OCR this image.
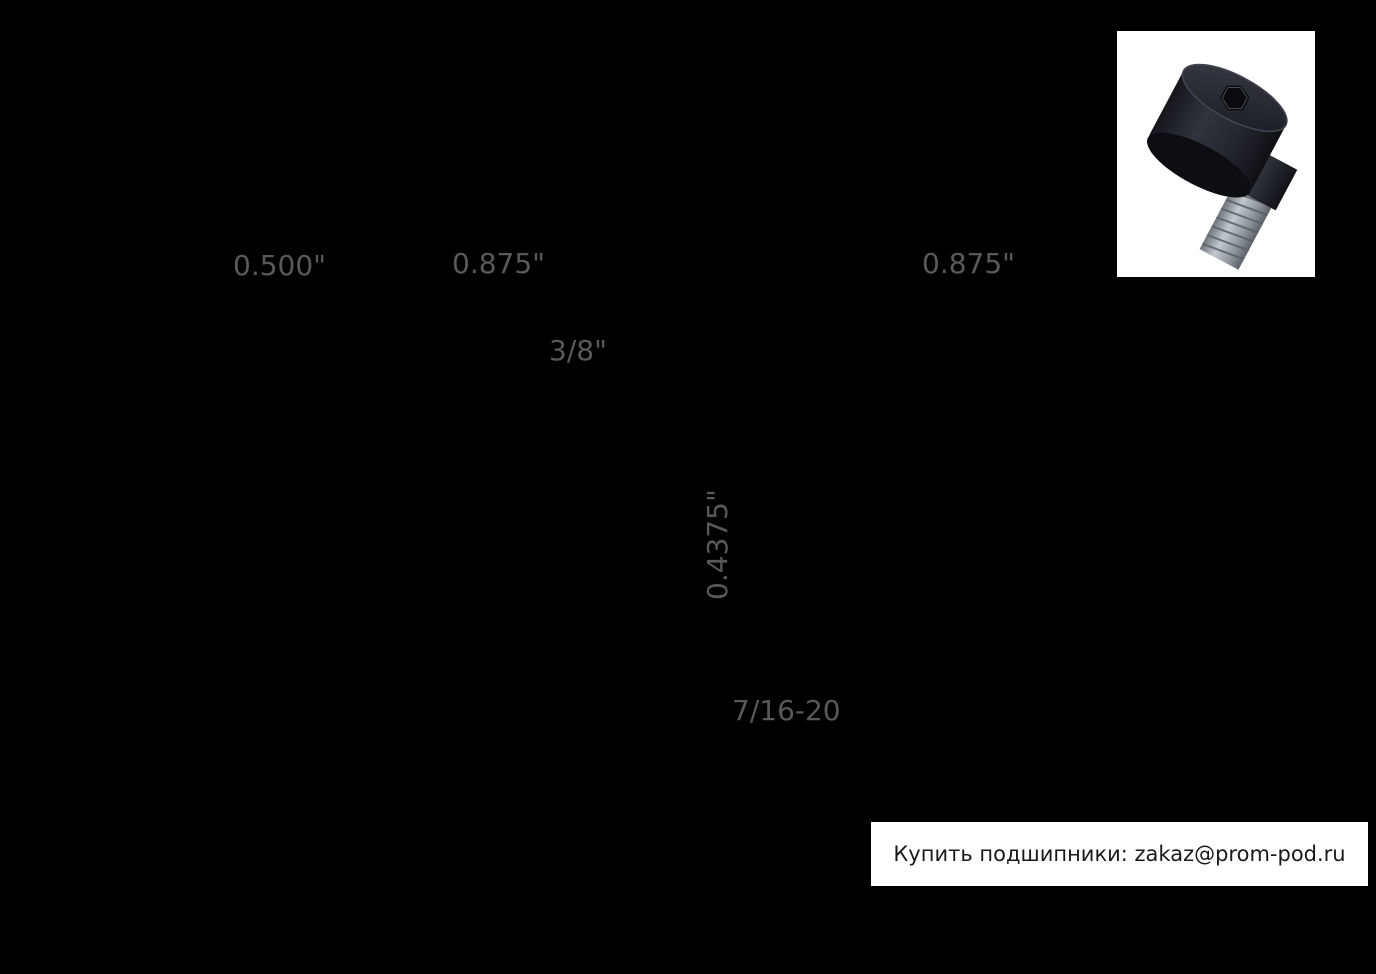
0.500"	0.875"	0.875"
3/8"
0.4375"
7/16-20
Купить подшипники: zakaz@prom-pod.ru
